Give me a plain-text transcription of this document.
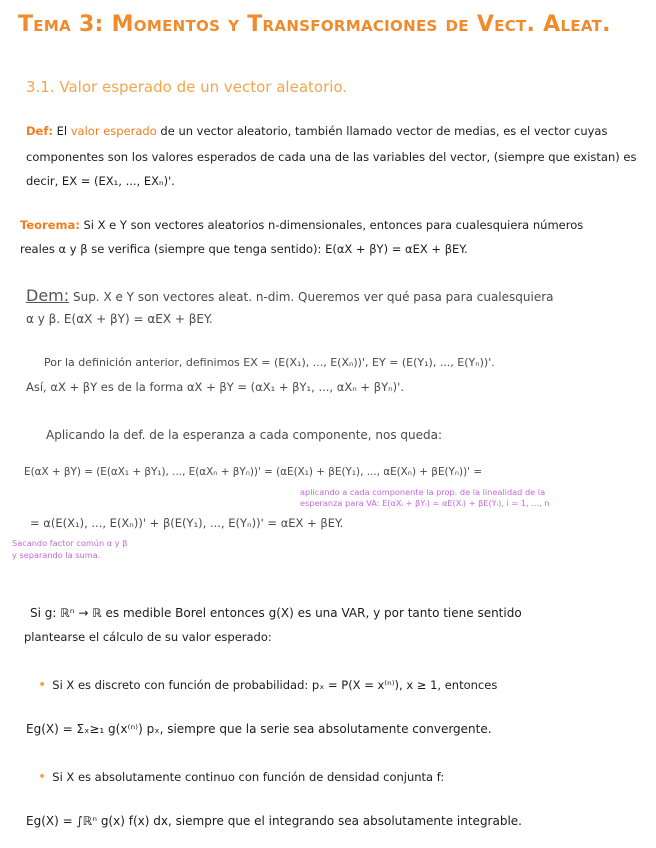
Tema 3: Momentos y Transformaciones de Vect. Aleat.
3.1. Valor esperado de un vector aleatorio.
Def: El valor esperado de un vector aleatorio, también llamado vector de medias, es el vector cuyas
componentes son los valores esperados de cada una de las variables del vector, (siempre que existan) es
decir, EX = (EX₁, ..., EXₙ)'.
Teorema: Si X e Y son vectores aleatorios n-dimensionales, entonces para cualesquiera números
reales α y β se verifica (siempre que tenga sentido): E(αX + βY) = αEX + βEY.
Dem: Sup. X e Y son vectores aleat. n-dim. Queremos ver qué pasa para cualesquiera
α y β. E(αX + βY) = αEX + βEY.
Por la definición anterior, definimos EX = (E(X₁), ..., E(Xₙ))', EY = (E(Y₁), ..., E(Yₙ))'.
Así, αX + βY es de la forma αX + βY = (αX₁ + βY₁, ..., αXₙ + βYₙ)'.
Aplicando la def. de la esperanza a cada componente, nos queda:
E(αX + βY) = (E(αX₁ + βY₁), ..., E(αXₙ + βYₙ))' = (αE(X₁) + βE(Y₁), ..., αE(Xₙ) + βE(Yₙ))' =
aplicando a cada componente la prop. de la linealidad de la
esperanza para VA: E(αXᵢ + βYᵢ) = αE(Xᵢ) + βE(Yᵢ), i = 1, ..., n
= α(E(X₁), ..., E(Xₙ))' + β(E(Y₁), ..., E(Yₙ))' = αEX + βEY.
Sacando factor común α y β
y separando la suma.
Si g: ℝⁿ → ℝ es medible Borel entonces g(X) es una VAR, y por tanto tiene sentido
plantearse el cálculo de su valor esperado:
• Si X es discreto con función de probabilidad: pₓ = P(X = x⁽ⁿ⁾), x ≥ 1, entonces
Eg(X) = Σₓ≥₁ g(x⁽ⁿ⁾) pₓ, siempre que la serie sea absolutamente convergente.
• Si X es absolutamente continuo con función de densidad conjunta f:
Eg(X) = ∫ℝⁿ g(x) f(x) dx, siempre que el integrando sea absolutamente integrable.
